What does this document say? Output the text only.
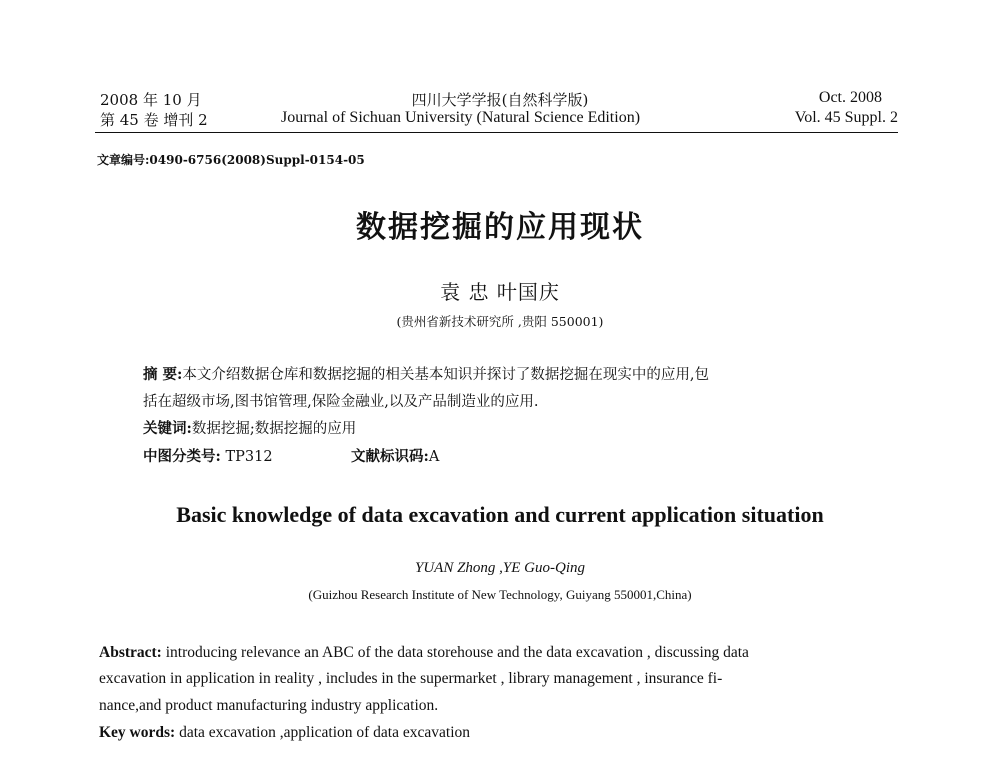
2008 年 10 月	四川大学学报(自然科学版)	Oct. 2008
第 45 卷 增刊 2	Journal of Sichuan University (Natural Science Edition)	Vol. 45 Suppl. 2
文章编号:0490-6756(2008)Suppl-0154-05
数据挖掘的应用现状
袁 忠 叶国庆
(贵州省新技术研究所 ,贵阳 550001)
摘 要:本文介绍数据仓库和数据挖掘的相关基本知识并探讨了数据挖掘在现实中的应用,包
括在超级市场,图书馆管理,保险金融业,以及产品制造业的应用.
关键词:数据挖掘;数据挖掘的应用
中图分类号: TP312	文献标识码:A
Basic knowledge of data excavation and current application situation
YUAN Zhong ,YE Guo-Qing
(Guizhou Research Institute of New Technology, Guiyang 550001,China)
Abstract: introducing relevance an ABC of the data storehouse and the data excavation , discussing data
excavation in application in reality , includes in the supermarket , library management , insurance fi-
nance,and product manufacturing industry application.
Key words: data excavation ,application of data excavation
